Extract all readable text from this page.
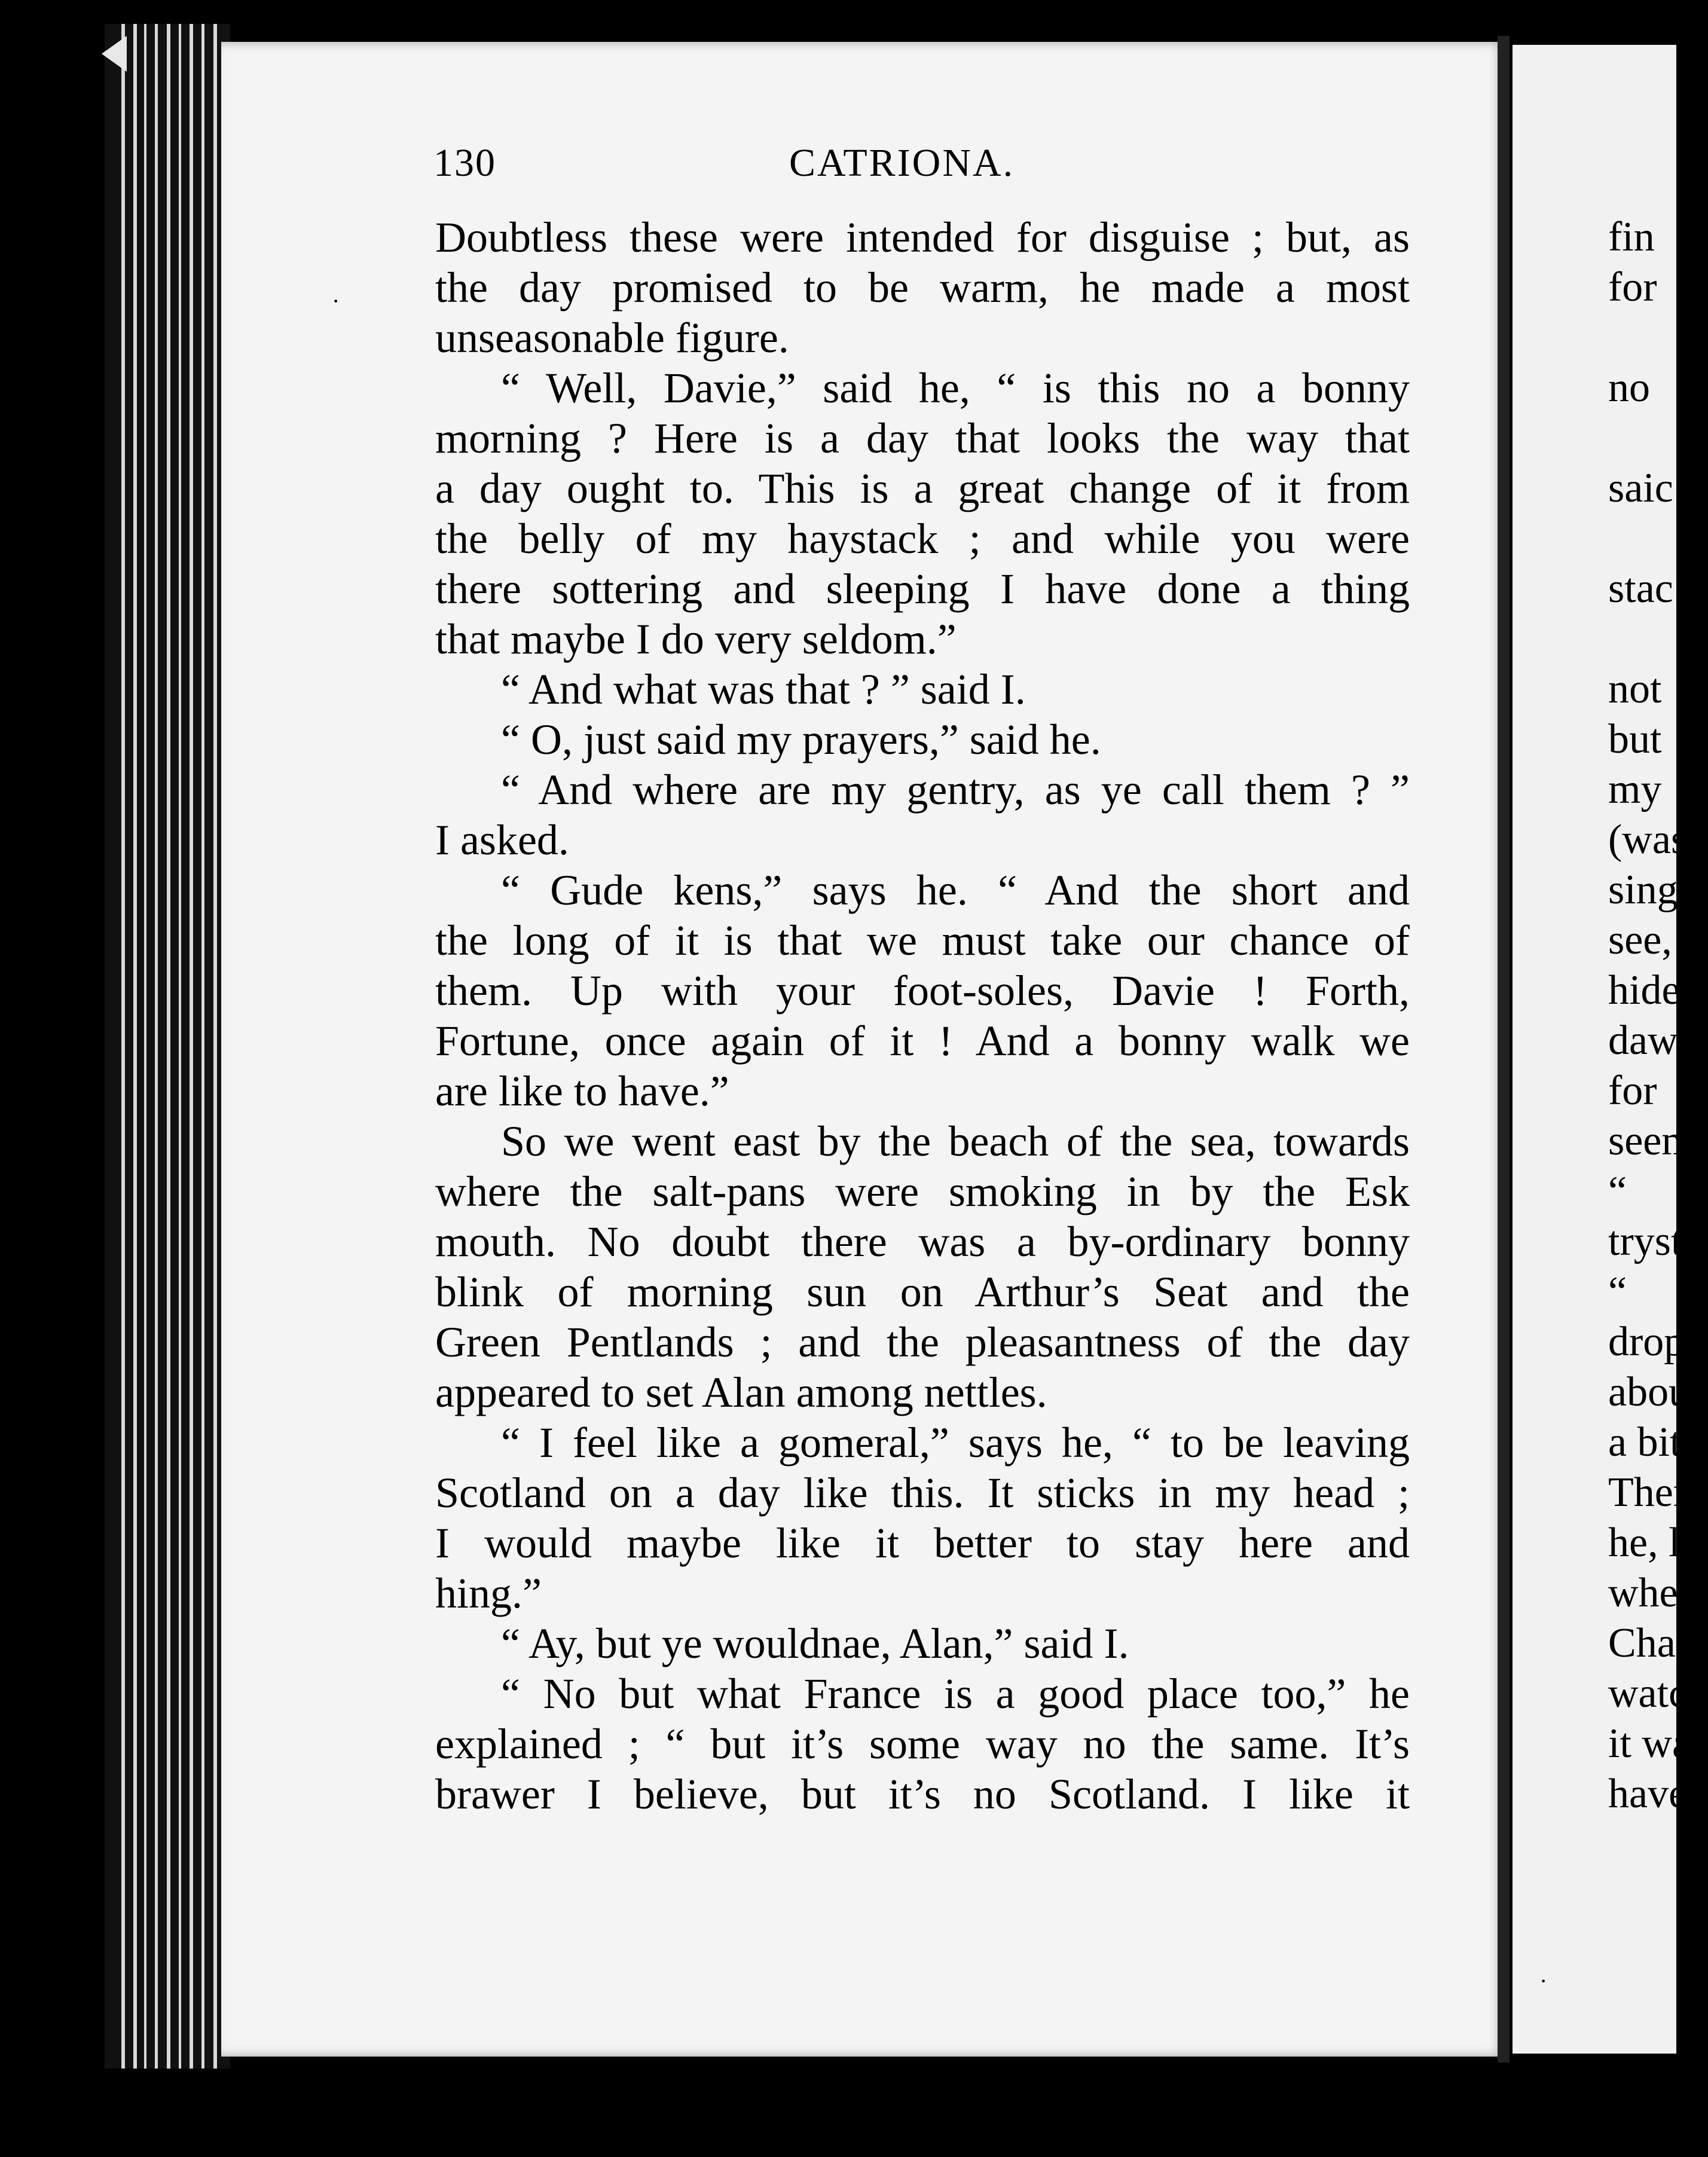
130	CATRIONA.
Doubtless these were intended for disguise ; but, as
the day promised to be warm, he made a most
unseasonable figure.
“ Well, Davie,” said he, “ is this no a bonny
morning ? Here is a day that looks the way that
a day ought to. This is a great change of it from
the belly of my haystack ; and while you were
there sottering and sleeping I have done a thing
that maybe I do very seldom.”
“ And what was that ? ” said I.
“ O, just said my prayers,” said he.
“ And where are my gentry, as ye call them ? ”
I asked.
“ Gude kens,” says he. “ And the short and
the long of it is that we must take our chance of
them. Up with your foot-soles, Davie ! Forth,
Fortune, once again of it ! And a bonny walk we
are like to have.”
So we went east by the beach of the sea, towards
where the salt-pans were smoking in by the Esk
mouth. No doubt there was a by-ordinary bonny
blink of morning sun on Arthur’s Seat and the
Green Pentlands ; and the pleasantness of the day
appeared to set Alan among nettles.
“ I feel like a gomeral,” says he, “ to be leaving
Scotland on a day like this. It sticks in my head ;
I would maybe like it better to stay here and
hing.”
“ Ay, but ye wouldnae, Alan,” said I.
“ No but what France is a good place too,” he
explained ; “ but it’s some way no the same. It’s
brawer I believe, but it’s no Scotland. I like it
fin
for
no
saic
stac
not
but
my
(was
sing
see,
hide
dawr
for
seem
“
tryst
“
drop
about
a bit,
There
he, la
when
Charl
watch
it was
have
·
·
ˇ
